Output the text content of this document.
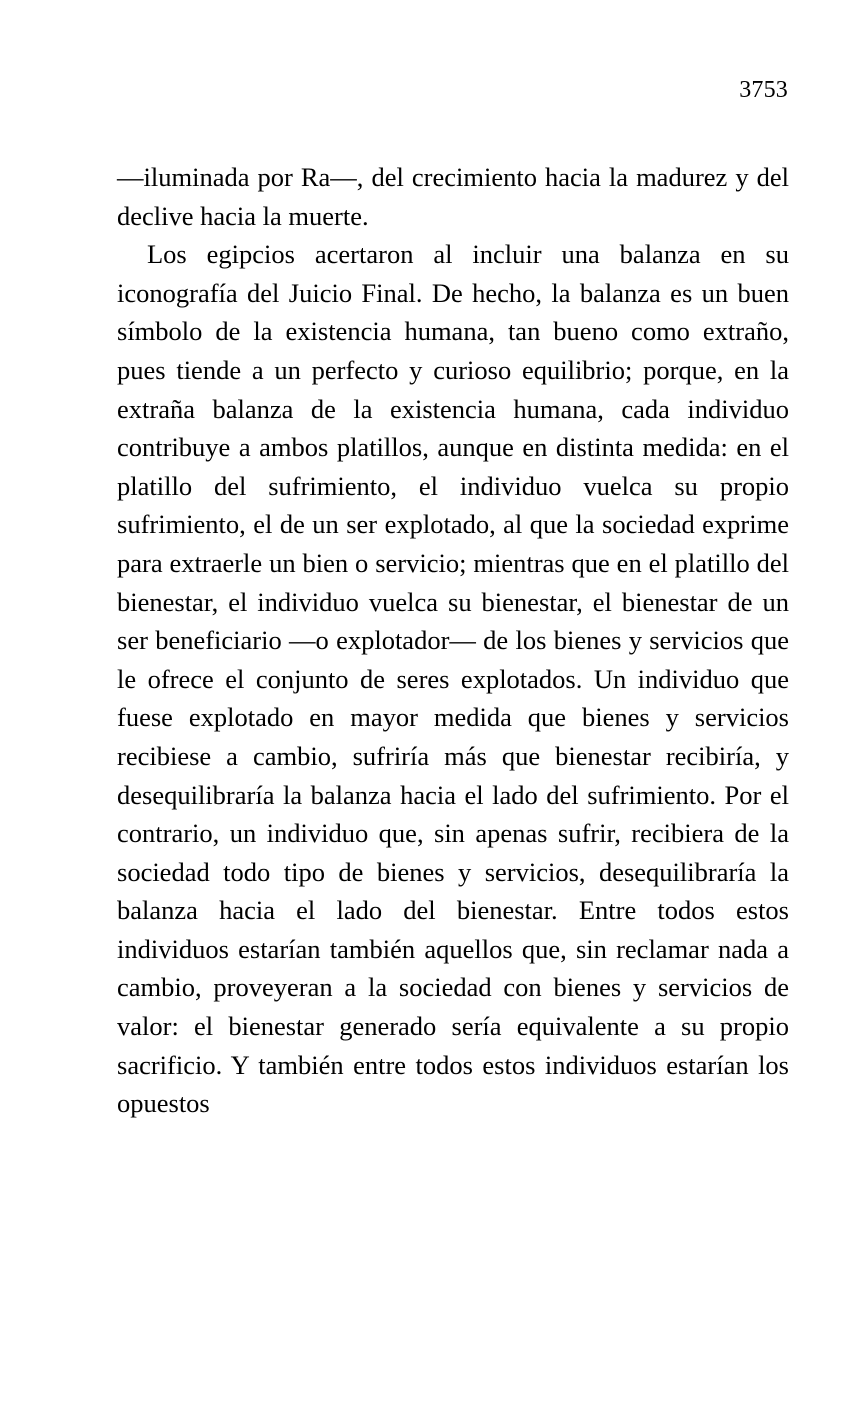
3753

—iluminada por Ra—, del crecimiento hacia la madurez y del declive hacia la muerte.

Los egipcios acertaron al incluir una balanza en su iconografía del Juicio Final. De hecho, la balanza es un buen símbolo de la existencia humana, tan bueno como extraño, pues tiende a un perfecto y curioso equilibrio; porque, en la extraña balanza de la existencia humana, cada individuo contribuye a ambos platillos, aunque en distinta medida: en el platillo del sufrimiento, el individuo vuelca su propio sufrimiento, el de un ser explotado, al que la sociedad exprime para extraerle un bien o servicio; mientras que en el platillo del bienestar, el individuo vuelca su bienestar, el bienestar de un ser beneficiario —o explotador— de los bienes y servicios que le ofrece el conjunto de seres explotados. Un individuo que fuese explotado en mayor medida que bienes y servicios recibiese a cambio, sufriría más que bienestar recibiría, y desequilibraría la balanza hacia el lado del sufrimiento. Por el contrario, un individuo que, sin apenas sufrir, recibiera de la sociedad todo tipo de bienes y servicios, desequilibraría la balanza hacia el lado del bienestar. Entre todos estos individuos estarían también aquellos que, sin reclamar nada a cambio, proveyeran a la sociedad con bienes y servicios de valor: el bienestar generado sería equivalente a su propio sacrificio. Y también entre todos estos individuos estarían los opuestos
